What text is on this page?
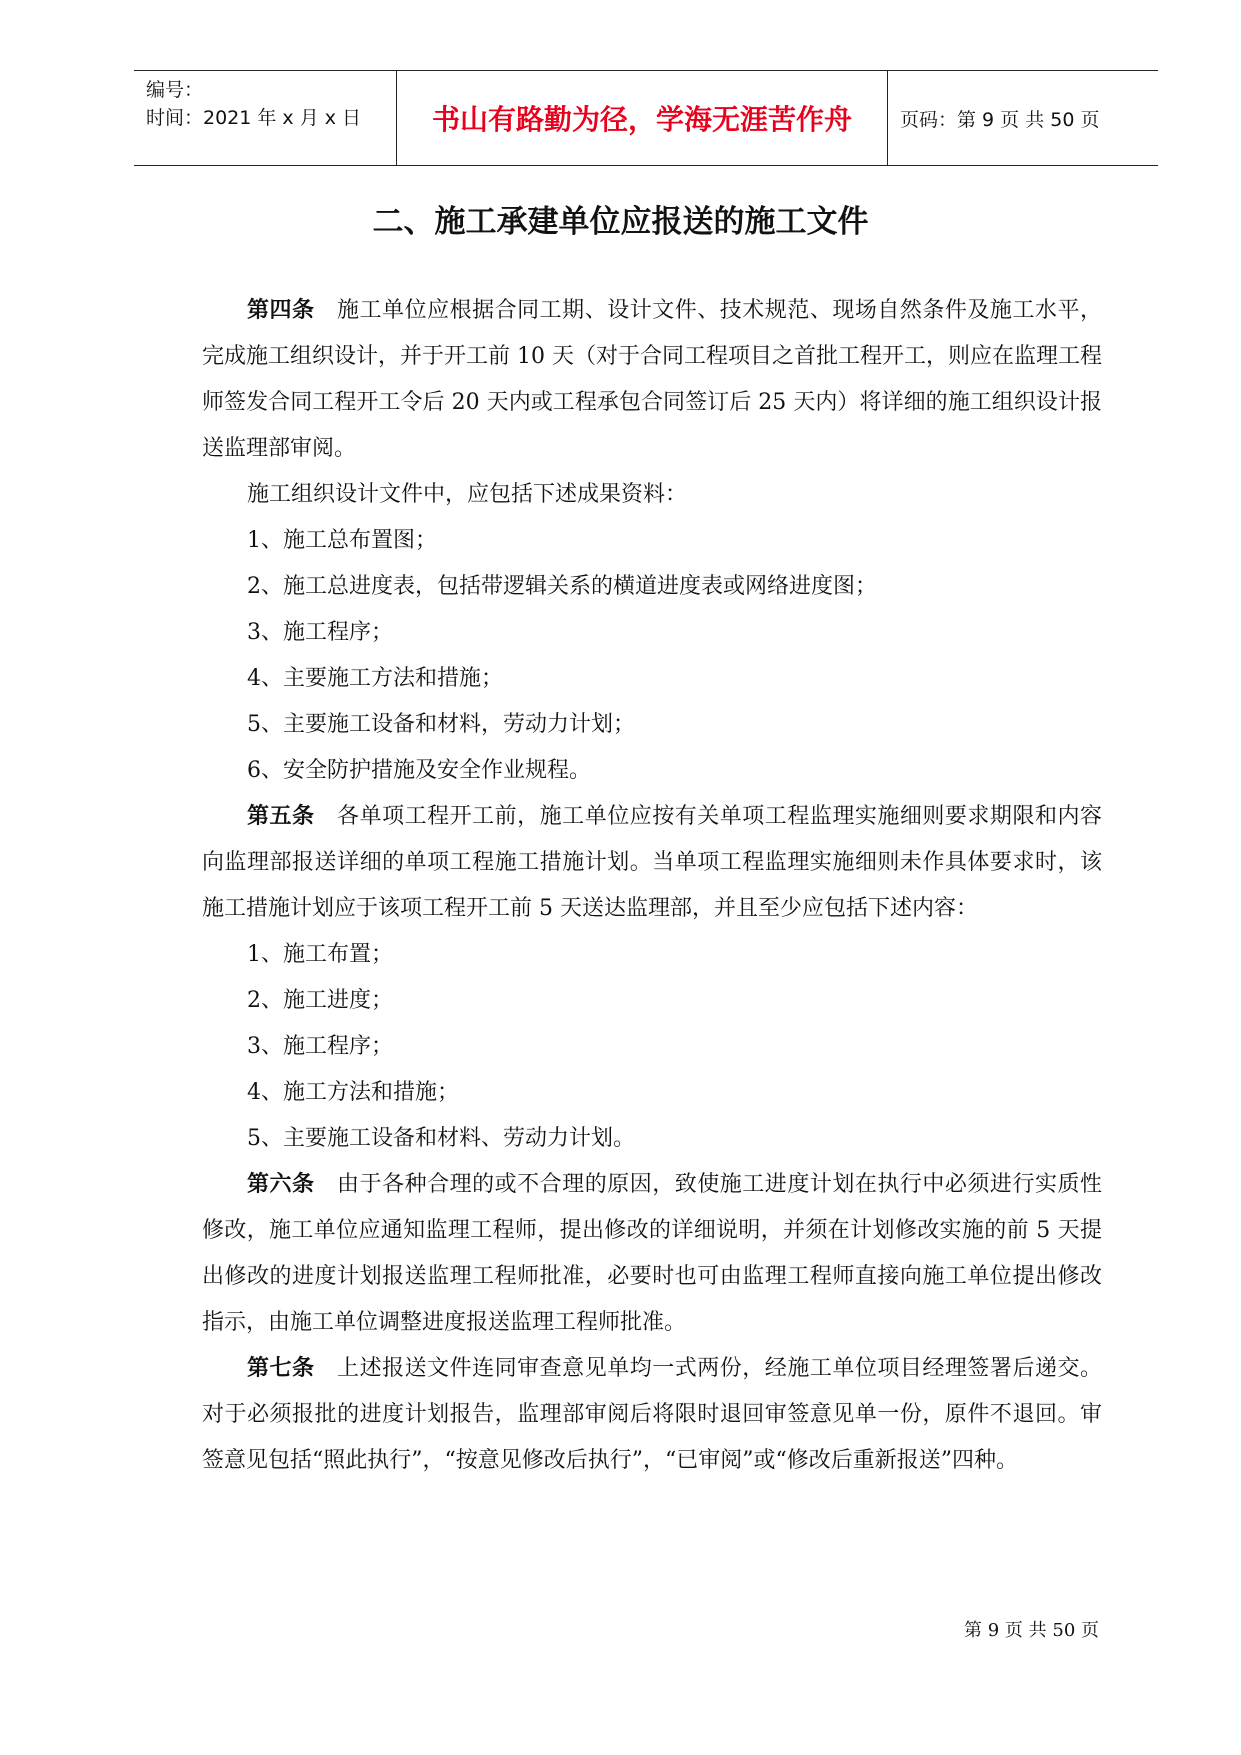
编号：
时间：2021 年 x 月 x 日	书山有路勤为径，学海无涯苦作舟	页码：第 9 页 共 50 页
二、施工承建单位应报送的施工文件

第四条  施工单位应根据合同工期、设计文件、技术规范、现场自然条件及施工水平，完成施工组织设计，并于开工前 10 天（对于合同工程项目之首批工程开工，则应在监理工程师签发合同工程开工令后 20 天内或工程承包合同签订后 25 天内）将详细的施工组织设计报送监理部审阅。

施工组织设计文件中，应包括下述成果资料：

1、施工总布置图；

2、施工总进度表，包括带逻辑关系的横道进度表或网络进度图；

3、施工程序；

4、主要施工方法和措施；

5、主要施工设备和材料，劳动力计划；

6、安全防护措施及安全作业规程。

第五条  各单项工程开工前，施工单位应按有关单项工程监理实施细则要求期限和内容向监理部报送详细的单项工程施工措施计划。当单项工程监理实施细则未作具体要求时，该施工措施计划应于该项工程开工前 5 天送达监理部，并且至少应包括下述内容：

1、施工布置；

2、施工进度；

3、施工程序；

4、施工方法和措施；

5、主要施工设备和材料、劳动力计划。

第六条  由于各种合理的或不合理的原因，致使施工进度计划在执行中必须进行实质性修改，施工单位应通知监理工程师，提出修改的详细说明，并须在计划修改实施的前 5 天提出修改的进度计划报送监理工程师批准，必要时也可由监理工程师直接向施工单位提出修改指示，由施工单位调整进度报送监理工程师批准。

第七条  上述报送文件连同审查意见单均一式两份，经施工单位项目经理签署后递交。对于必须报批的进度计划报告，监理部审阅后将限时退回审签意见单一份，原件不退回。审签意见包括“照此执行”，“按意见修改后执行”，“已审阅”或“修改后重新报送”四种。

第 9 页 共 50 页
